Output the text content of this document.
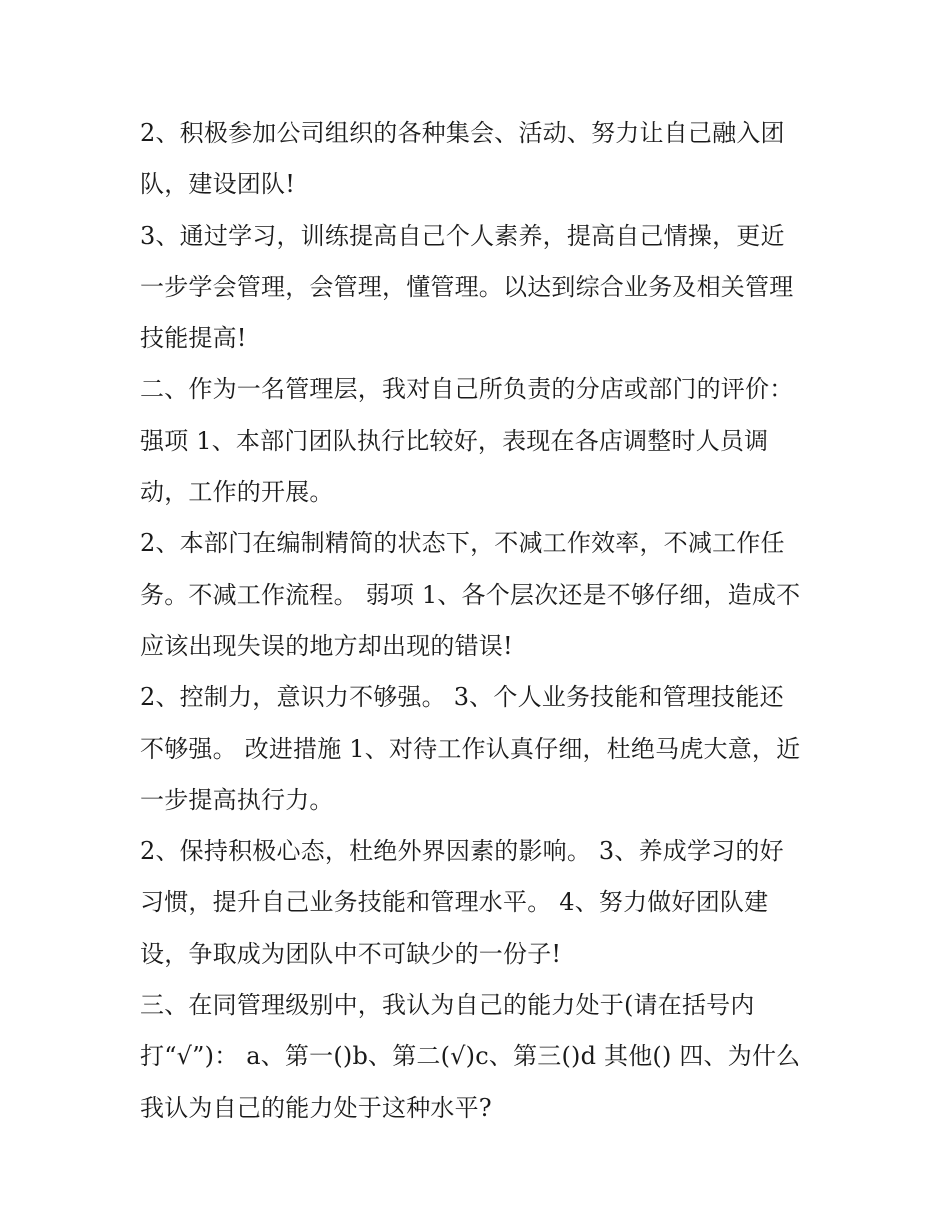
2、积极参加公司组织的各种集会、活动、努力让自己融入团
队，建设团队!
3、通过学习，训练提高自己个人素养，提高自己情操，更近
一步学会管理，会管理，懂管理。以达到综合业务及相关管理
技能提高!
二、作为一名管理层，我对自己所负责的分店或部门的评价：
强项 1、本部门团队执行比较好，表现在各店调整时人员调
动，工作的开展。
2、本部门在编制精简的状态下，不减工作效率，不减工作任
务。不减工作流程。 弱项 1、各个层次还是不够仔细，造成不
应该出现失误的地方却出现的错误!
2、控制力，意识力不够强。 3、个人业务技能和管理技能还
不够强。 改进措施 1、对待工作认真仔细，杜绝马虎大意，近
一步提高执行力。
2、保持积极心态，杜绝外界因素的影响。 3、养成学习的好
习惯，提升自己业务技能和管理水平。 4、努力做好团队建
设，争取成为团队中不可缺少的一份子!
三、在同管理级别中，我认为自己的能力处于(请在括号内
打“√”)： a、第一()b、第二(√)c、第三()d 其他() 四、为什么
我认为自己的能力处于这种水平?
